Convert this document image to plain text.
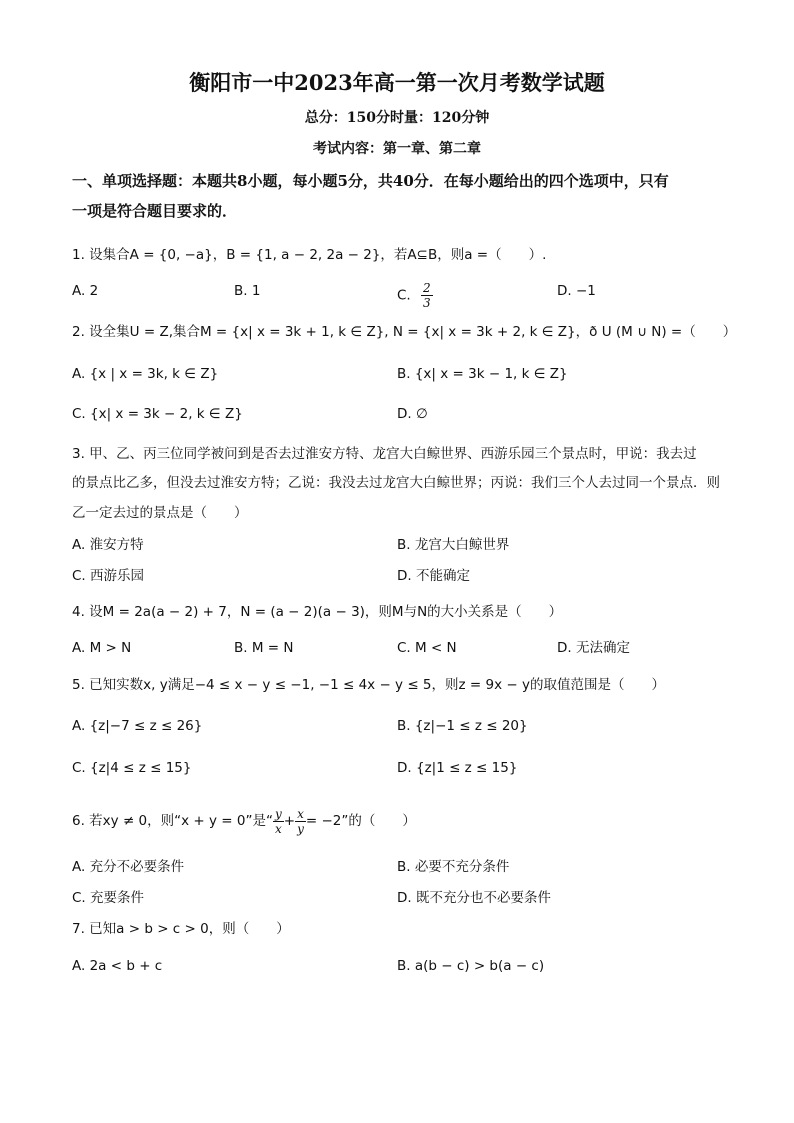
衡阳市一中2023年高一第一次月考数学试题
总分：150分时量：120分钟
考试内容：第一章、第二章
一、单项选择题：本题共8小题，每小题5分，共40分．在每小题给出的四个选项中，只有
一项是符合题目要求的．
1. 设集合A = {0, −a}，B = {1, a − 2, 2a − 2}，若A⊆B，则a =（　　）.
A. 2	B. 1	C. $\frac{2}{3}$	D. −1
2. 设全集U = Z,集合M = {x| x = 3k + 1, k ∈ Z}, N = {x| x = 3k + 2, k ∈ Z}，ð U (M ∪ N) =（　　）
A. {x | x = 3k, k ∈ Z}	B. {x| x = 3k − 1, k ∈ Z}
C. {x| x = 3k − 2, k ∈ Z}	D. ∅
3. 甲、乙、丙三位同学被问到是否去过淮安方特、龙宫大白鲸世界、西游乐园三个景点时，甲说：我去过
的景点比乙多，但没去过淮安方特；乙说：我没去过龙宫大白鲸世界；丙说：我们三个人去过同一个景点．则
乙一定去过的景点是（　　）
A. 淮安方特	B. 龙宫大白鲸世界
C. 西游乐园	D. 不能确定
4. 设M = 2a(a − 2) + 7，N = (a − 2)(a − 3)，则M与N的大小关系是（　　）
A. M > N	B. M = N	C. M < N	D. 无法确定
5. 已知实数x, y满足−4 ≤ x − y ≤ −1, −1 ≤ 4x − y ≤ 5，则z = 9x − y的取值范围是（　　）
A. {z|−7 ≤ z ≤ 26}	B. {z|−1 ≤ z ≤ 20}
C. {z|4 ≤ z ≤ 15}	D. {z|1 ≤ z ≤ 15}
6. 若xy ≠ 0，则“x + y = 0”是“ $\frac{y}{x} + \frac{x}{y} = -2$”的（　　）
A. 充分不必要条件	B. 必要不充分条件
C. 充要条件	D. 既不充分也不必要条件
7. 已知a > b > c > 0，则（　　）
A. 2a < b + c	B. a(b − c) > b(a − c)
